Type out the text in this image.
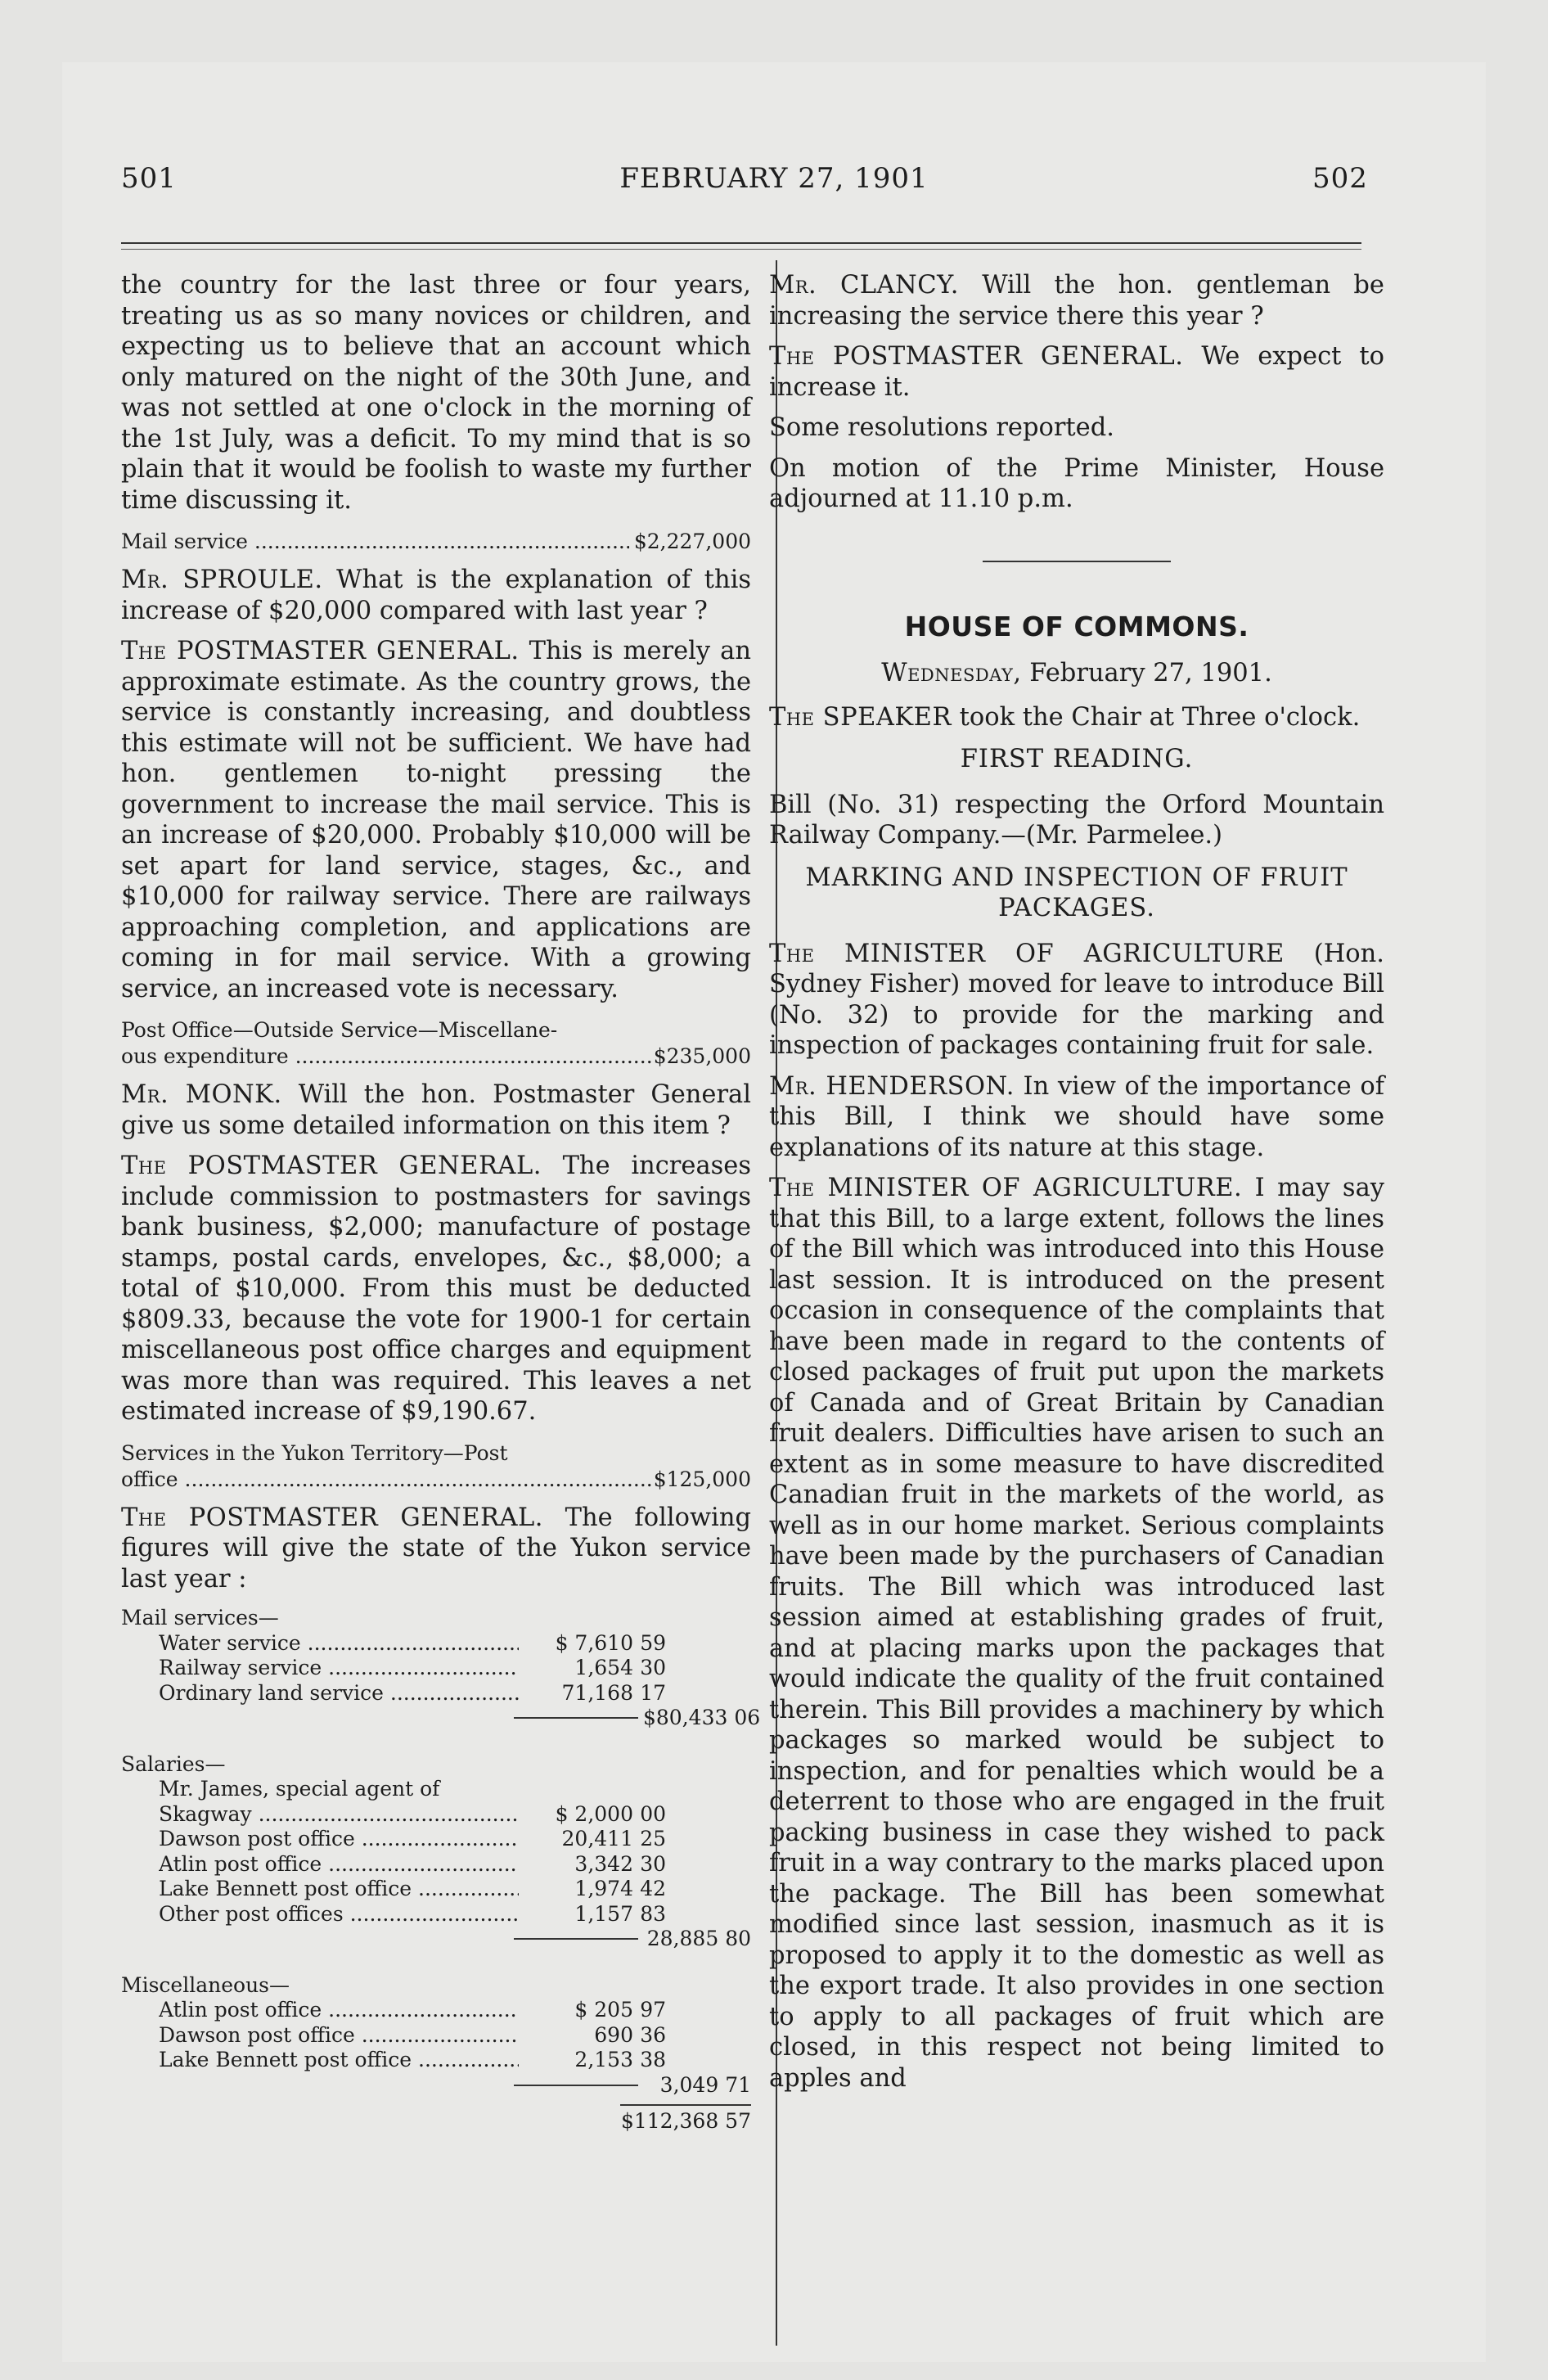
501	FEBRUARY 27, 1901	502

the country for the last three or four years, treating us as so many novices or children, and expecting us to believe that an account which only matured on the night of the 30th June, and was not settled at one o'clock in the morning of the 1st July, was a deficit. To my mind that is so plain that it would be foolish to waste my further time discussing it.

Mail service .....	$2,227,000

Mr. SPROULE. What is the explanation of this increase of $20,000 compared with last year ?

The POSTMASTER GENERAL. This is merely an approximate estimate. As the country grows, the service is constantly increasing, and doubtless this estimate will not be sufficient. We have had hon. gentlemen to-night pressing the government to increase the mail service. This is an increase of $20,000. Probably $10,000 will be set apart for land service, stages, &c., and $10,000 for railway service. There are railways approaching completion, and applications are coming in for mail service. With a growing service, an increased vote is necessary.

Post Office—Outside Service—Miscellane-
ous expenditure .....	$235,000

Mr. MONK. Will the hon. Postmaster General give us some detailed information on this item ?

The POSTMASTER GENERAL. The increases include commission to postmasters for savings bank business, $2,000; manufacture of postage stamps, postal cards, envelopes, &c., $8,000; a total of $10,000. From this must be deducted $809.33, because the vote for 1900-1 for certain miscellaneous post office charges and equipment was more than was required. This leaves a net estimated increase of $9,190.67.

Services in the Yukon Territory—Post
office .....	$125,000

The POSTMASTER GENERAL. The following figures will give the state of the Yukon service last year :

Mail services—
Water service .....	$ 7,610 59
Railway service .....	1,654 30
Ordinary land service .....	71,168 17
$80,433 06
Salaries—
Mr. James, special agent of
Skagway .....	$ 2,000 00
Dawson post office .....	20,411 25
Atlin post office .....	3,342 30
Lake Bennett post office .....	1,974 42
Other post offices .....	1,157 83
28,885 80
Miscellaneous—
Atlin post office .....	$ 205 97
Dawson post office .....	690 36
Lake Bennett post office .....	2,153 38
3,049 71
$112,368 57

Mr. CLANCY. Will the hon. gentleman be increasing the service there this year ?

The POSTMASTER GENERAL. We expect to increase it.

Some resolutions reported.

On motion of the Prime Minister, House adjourned at 11.10 p.m.

HOUSE OF COMMONS.
Wednesday, February 27, 1901.

The SPEAKER took the Chair at Three o'clock.

FIRST READING.

Bill (No. 31) respecting the Orford Mountain Railway Company.—(Mr. Parmelee.)

MARKING AND INSPECTION OF FRUIT PACKAGES.

The MINISTER OF AGRICULTURE (Hon. Sydney Fisher) moved for leave to introduce Bill (No. 32) to provide for the marking and inspection of packages containing fruit for sale.

Mr. HENDERSON. In view of the importance of this Bill, I think we should have some explanations of its nature at this stage.

The MINISTER OF AGRICULTURE. I may say that this Bill, to a large extent, follows the lines of the Bill which was introduced into this House last session. It is introduced on the present occasion in consequence of the complaints that have been made in regard to the contents of closed packages of fruit put upon the markets of Canada and of Great Britain by Canadian fruit dealers. Difficulties have arisen to such an extent as in some measure to have discredited Canadian fruit in the markets of the world, as well as in our home market. Serious complaints have been made by the purchasers of Canadian fruits. The Bill which was introduced last session aimed at establishing grades of fruit, and at placing marks upon the packages that would indicate the quality of the fruit contained therein. This Bill provides a machinery by which packages so marked would be subject to inspection, and for penalties which would be a deterrent to those who are engaged in the fruit packing business in case they wished to pack fruit in a way contrary to the marks placed upon the package. The Bill has been somewhat modified since last session, inasmuch as it is proposed to apply it to the domestic as well as the export trade. It also provides in one section to apply to all packages of fruit which are closed, in this respect not being limited to apples and
